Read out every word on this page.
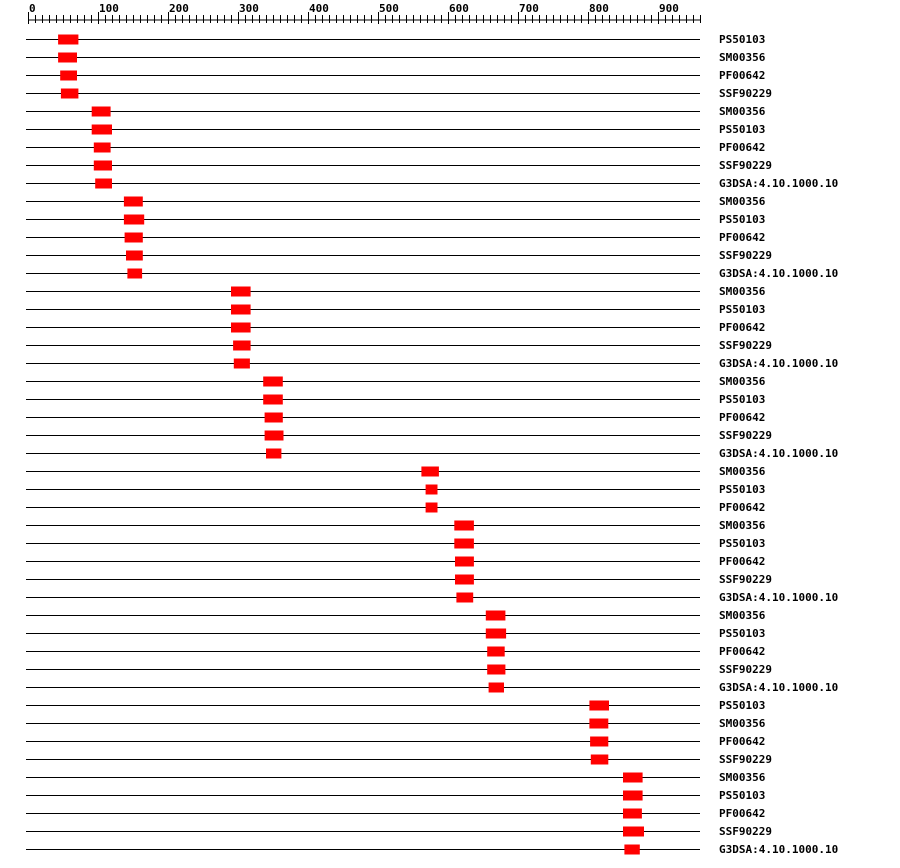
0	100	200	300	400	500	600	700	800	900
PS50103
SM00356
PF00642
SSF90229
SM00356
PS50103
PF00642
SSF90229
G3DSA:4.10.1000.10
SM00356
PS50103
PF00642
SSF90229
G3DSA:4.10.1000.10
SM00356
PS50103
PF00642
SSF90229
G3DSA:4.10.1000.10
SM00356
PS50103
PF00642
SSF90229
G3DSA:4.10.1000.10
SM00356
PS50103
PF00642
SM00356
PS50103
PF00642
SSF90229
G3DSA:4.10.1000.10
SM00356
PS50103
PF00642
SSF90229
G3DSA:4.10.1000.10
PS50103
SM00356
PF00642
SSF90229
SM00356
PS50103
PF00642
SSF90229
G3DSA:4.10.1000.10
